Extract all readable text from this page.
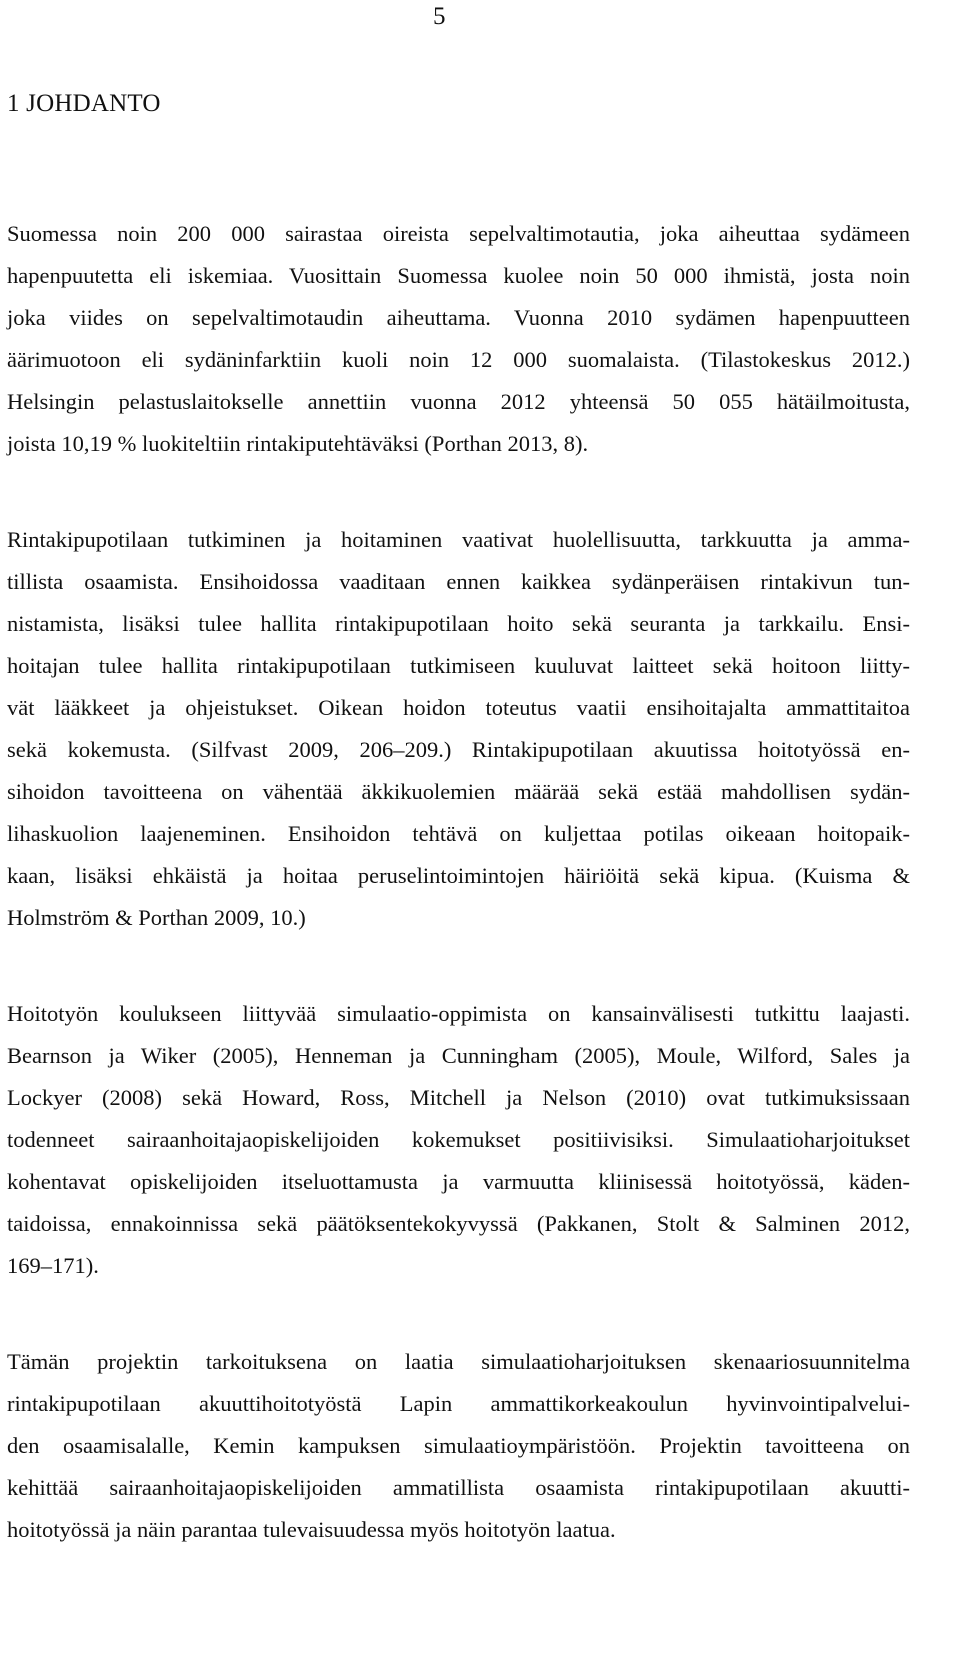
5
1 JOHDANTO
Suomessa noin 200 000 sairastaa oireista sepelvaltimotautia, joka aiheuttaa sydämeen
hapenpuutetta eli iskemiaa. Vuosittain Suomessa kuolee noin 50 000 ihmistä, josta noin
joka viides on sepelvaltimotaudin aiheuttama. Vuonna 2010 sydämen hapenpuutteen
äärimuotoon eli sydäninfarktiin kuoli noin 12 000 suomalaista. (Tilastokeskus 2012.)
Helsingin pelastuslaitokselle annettiin vuonna 2012 yhteensä 50 055 hätäilmoitusta,
joista 10,19 % luokiteltiin rintakiputehtäväksi (Porthan 2013, 8).
Rintakipupotilaan tutkiminen ja hoitaminen vaativat huolellisuutta, tarkkuutta ja amma-
tillista osaamista. Ensihoidossa vaaditaan ennen kaikkea sydänperäisen rintakivun tun-
nistamista, lisäksi tulee hallita rintakipupotilaan hoito sekä seuranta ja tarkkailu. Ensi-
hoitajan tulee hallita rintakipupotilaan tutkimiseen kuuluvat laitteet sekä hoitoon liitty-
vät lääkkeet ja ohjeistukset. Oikean hoidon toteutus vaatii ensihoitajalta ammattitaitoa
sekä kokemusta. (Silfvast 2009, 206–209.) Rintakipupotilaan akuutissa hoitotyössä en-
sihoidon tavoitteena on vähentää äkkikuolemien määrää sekä estää mahdollisen sydän-
lihaskuolion laajeneminen. Ensihoidon tehtävä on kuljettaa potilas oikeaan hoitopaik-
kaan, lisäksi ehkäistä ja hoitaa peruselintoimintojen häiriöitä sekä kipua. (Kuisma &
Holmström & Porthan 2009, 10.)
Hoitotyön koulukseen liittyvää simulaatio-oppimista on kansainvälisesti tutkittu laajasti.
Bearnson ja Wiker (2005), Henneman ja Cunningham (2005), Moule, Wilford, Sales ja
Lockyer (2008) sekä Howard, Ross, Mitchell ja Nelson (2010) ovat tutkimuksissaan
todenneet sairaanhoitajaopiskelijoiden kokemukset positiivisiksi. Simulaatioharjoitukset
kohentavat opiskelijoiden itseluottamusta ja varmuutta kliinisessä hoitotyössä, käden-
taidoissa, ennakoinnissa sekä päätöksentekokyvyssä (Pakkanen, Stolt & Salminen 2012,
169–171).
Tämän projektin tarkoituksena on laatia simulaatioharjoituksen skenaariosuunnitelma
rintakipupotilaan akuuttihoitotyöstä Lapin ammattikorkeakoulun hyvinvointipalvelui-
den osaamisalalle, Kemin kampuksen simulaatioympäristöön. Projektin tavoitteena on
kehittää sairaanhoitajaopiskelijoiden ammatillista osaamista rintakipupotilaan akuutti-
hoitotyössä ja näin parantaa tulevaisuudessa myös hoitotyön laatua.
